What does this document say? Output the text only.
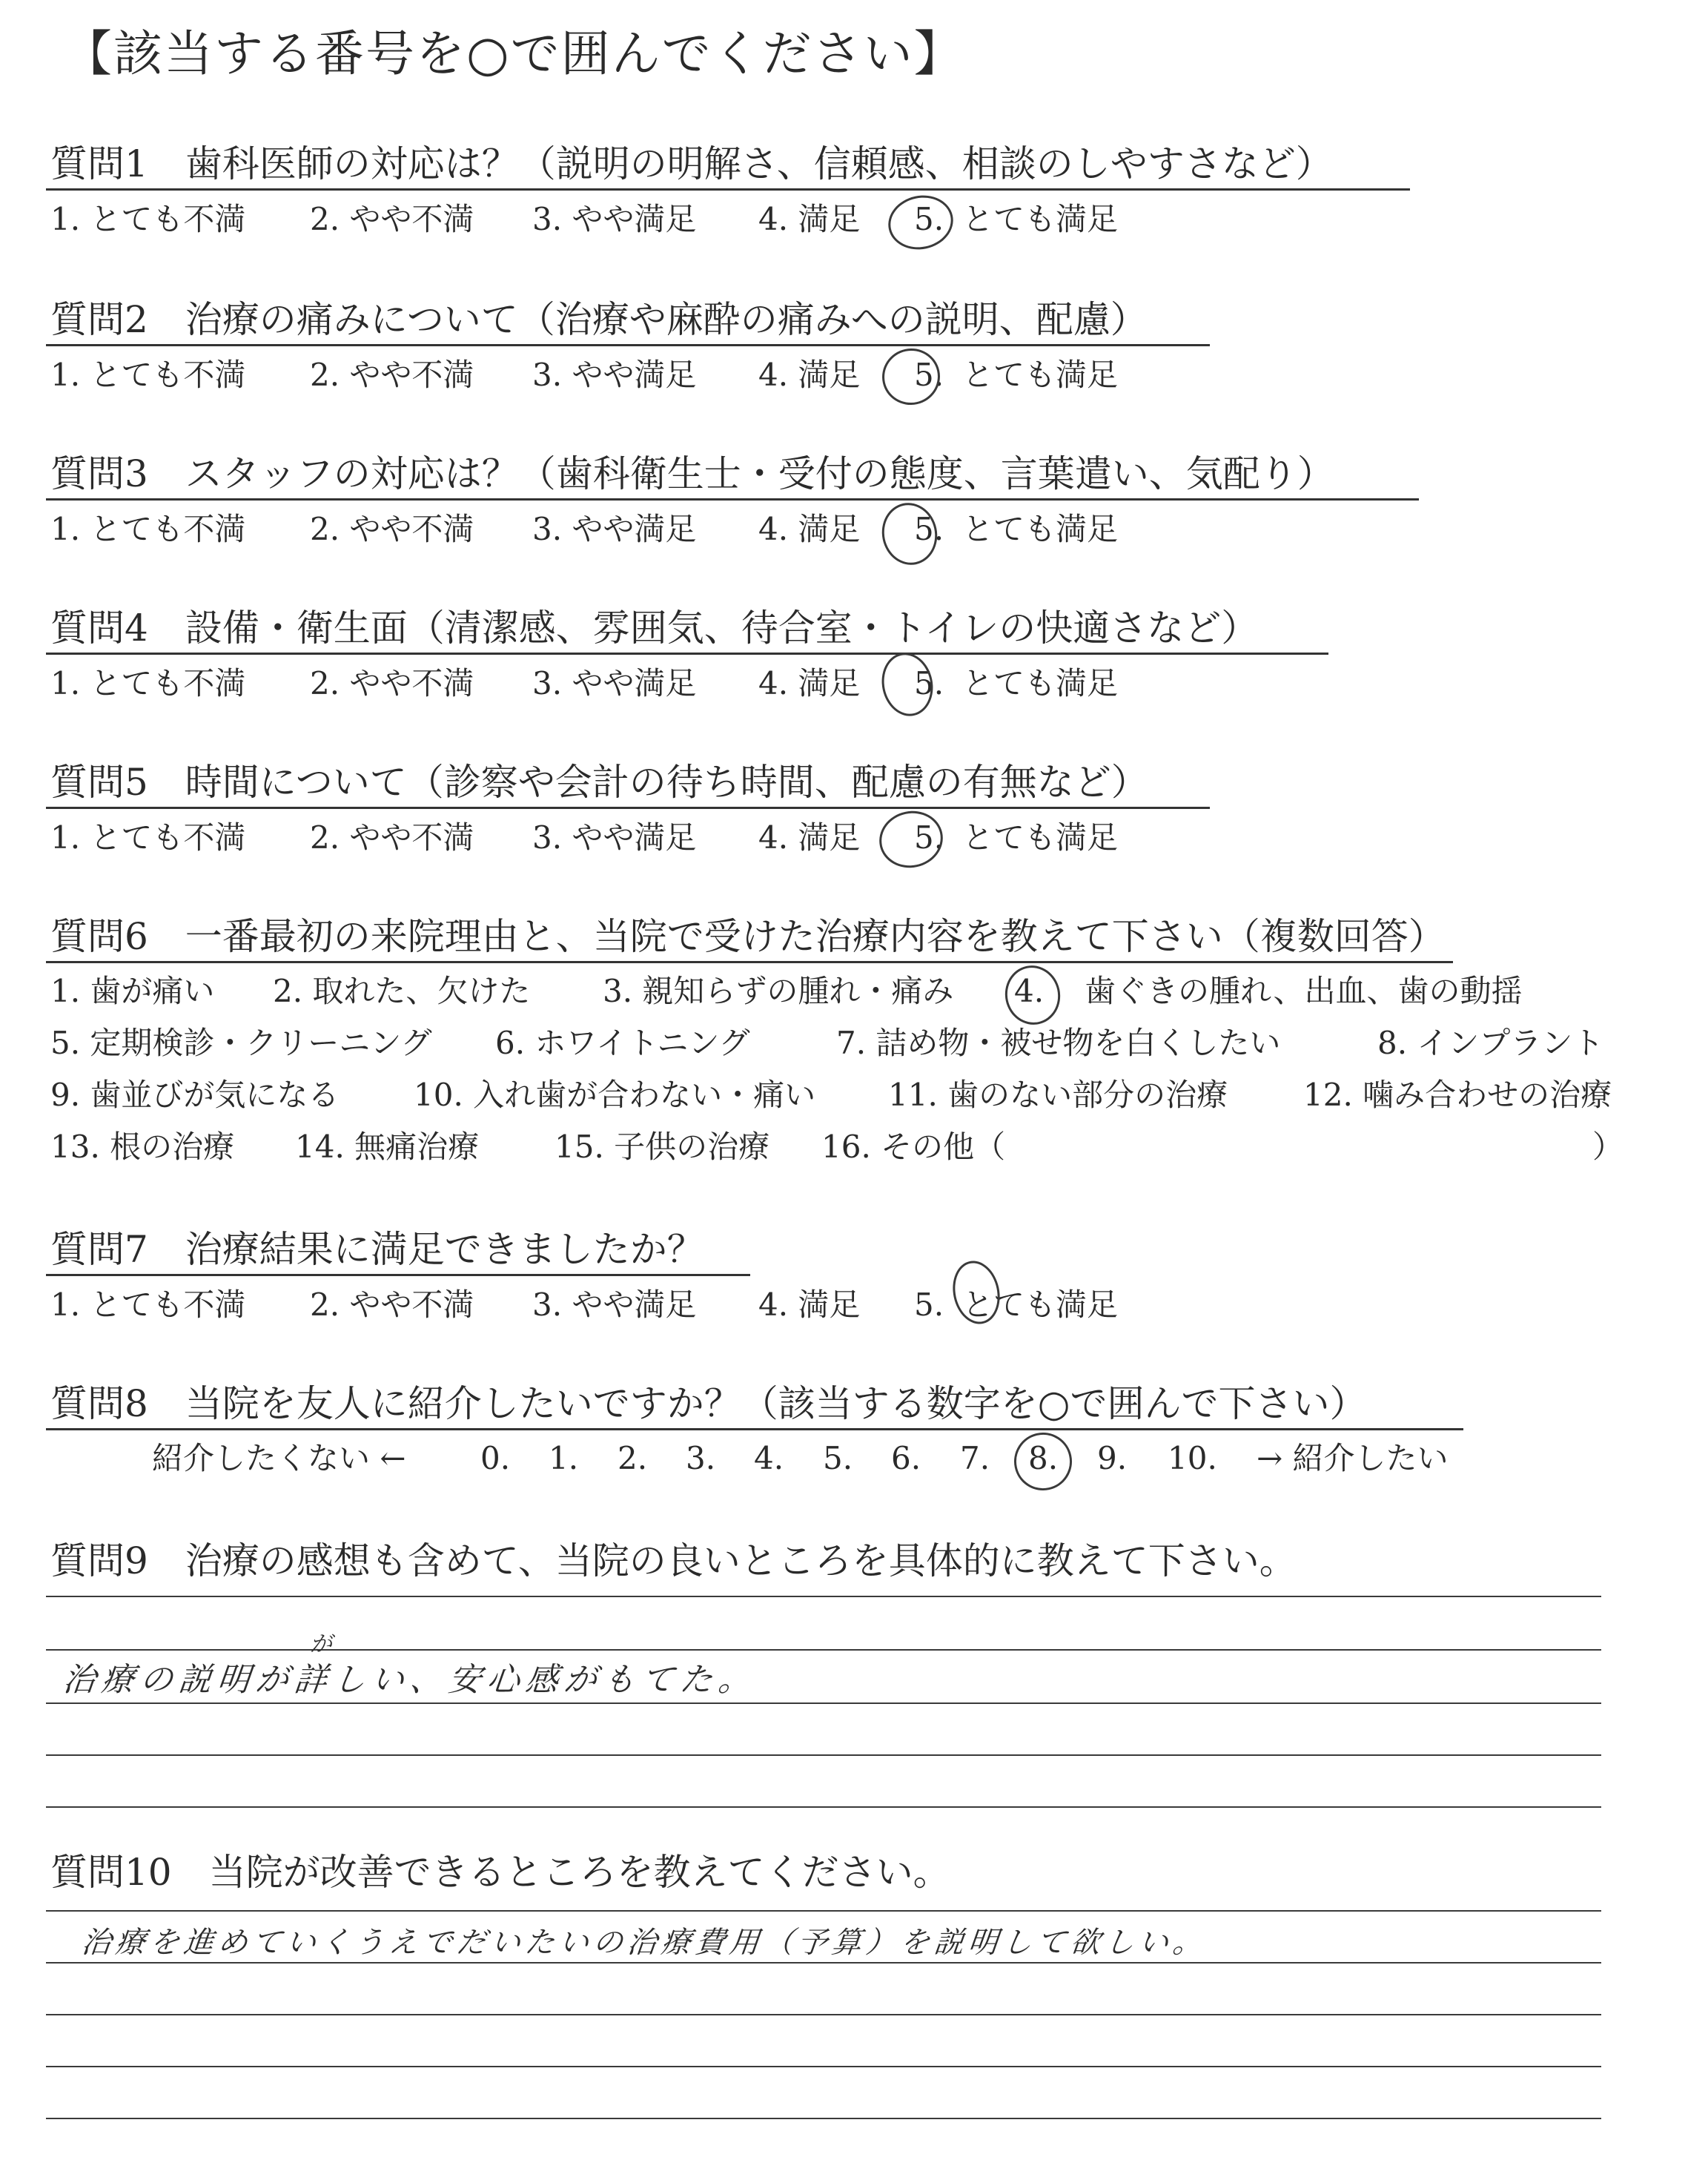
【該当する番号を○で囲んでください】
質問1　歯科医師の対応は？（説明の明解さ、信頼感、相談のしやすさなど）
1. とても不満 2. やや不満 3. やや満足 4. 満足 5. とても満足
質問2　治療の痛みについて（治療や麻酔の痛みへの説明、配慮）
1. とても不満 2. やや不満 3. やや満足 4. 満足 5. とても満足
質問3　スタッフの対応は？（歯科衛生士・受付の態度、言葉遣い、気配り）
1. とても不満 2. やや不満 3. やや満足 4. 満足 5. とても満足
質問4　設備・衛生面（清潔感、雰囲気、待合室・トイレの快適さなど）
1. とても不満 2. やや不満 3. やや満足 4. 満足 5. とても満足
質問5　時間について（診察や会計の待ち時間、配慮の有無など）
1. とても不満 2. やや不満 3. やや満足 4. 満足 5. とても満足
質問6　一番最初の来院理由と、当院で受けた治療内容を教えて下さい（複数回答）
1. 歯が痛い 2. 取れた、欠けた 3. 親知らずの腫れ・痛み 4. 歯ぐきの腫れ、出血、歯の動揺
5. 定期検診・クリーニング 6. ホワイトニング	7. 詰め物・被せ物を白くしたい	8. インプラント
9. 歯並びが気になる 10. 入れ歯が合わない・痛い 11. 歯のない部分の治療 12. 噛み合わせの治療
13. 根の治療 14. 無痛治療 15. 子供の治療 16. その他（	）
質問7　治療結果に満足できましたか？
1. とても不満 2. やや不満 3. やや満足 4. 満足 5. とても満足
質問8　当院を友人に紹介したいですか？（該当する数字を○で囲んで下さい）
紹介したくない ← 0. 1. 2. 3. 4. 5. 6. 7. 8. 9. 10. → 紹介したい
質問9　治療の感想も含めて、当院の良いところを具体的に教えて下さい。
治療の説明が詳しい、安心感がもてた。
が
質問10　当院が改善できるところを教えてください。
治療を進めていくうえでだいたいの治療費用（予算）を説明して欲しい。
